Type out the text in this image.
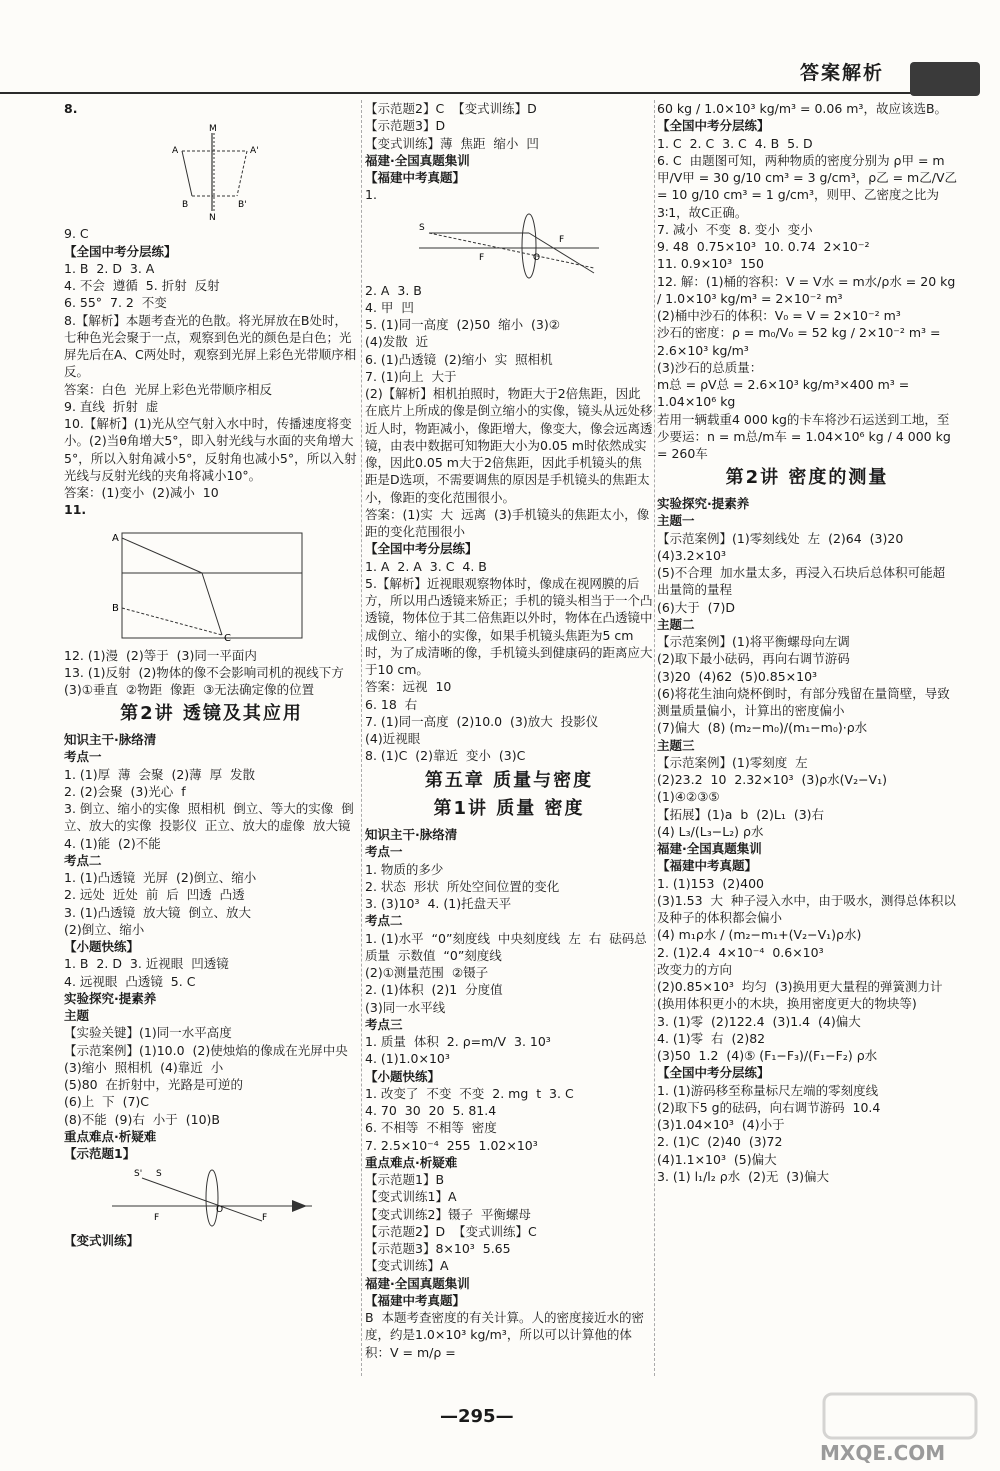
答案解析
8.
M
A	A'
B	B'
N
9. C
【全国中考分层练】
1. B  2. D  3. A
4. 不会  遵循  5. 折射  反射
6. 55°  7. 2  不变
8.【解析】本题考查光的色散。将光屏放在B处时，七种色光会聚于一点，观察到色光的颜色是白色；光屏先后在A、C两处时，观察到光屏上彩色光带顺序相反。
答案：白色  光屏上彩色光带顺序相反
9. 直线  折射  虚
10.【解析】(1)光从空气射入水中时，传播速度将变小。(2)当θ角增大5°，即入射光线与水面的夹角增大5°，所以入射角减小5°，反射角也减小5°，所以入射光线与反射光线的夹角将减小10°。
答案：(1)变小  (2)减小  10
11.
A
B
C
12. (1)漫  (2)等于  (3)同一平面内
13. (1)反射  (2)物体的像不会影响司机的视线下方  (3)①垂直  ②物距  像距  ③无法确定像的位置
第2讲 透镜及其应用
知识主干·脉络清
考点一
1. (1)厚  薄  会聚  (2)薄  厚  发散
2. (2)会聚  (3)光心  f
3. 倒立、缩小的实像  照相机  倒立、等大的实像  倒立、放大的实像  投影仪  正立、放大的虚像  放大镜
4. (1)能  (2)不能
考点二
1. (1)凸透镜  光屏  (2)倒立、缩小
2. 远处  近处  前  后  凹透  凸透
3. (1)凸透镜  放大镜  倒立、放大
(2)倒立、缩小
【小题快练】
1. B  2. D  3. 近视眼  凹透镜
4. 远视眼  凸透镜  5. C
实验探究·提素养
主题
【实验关键】(1)同一水平高度
【示范案例】(1)10.0  (2)使烛焰的像成在光屏中央
(3)缩小  照相机  (4)靠近  小
(5)80  在折射中，光路是可逆的
(6)上  下  (7)C
(8)不能  (9)右  小于  (10)B
重点难点·析疑难
【示范题1】
S' S
F
O
F
【变式训练】
【示范题2】C  【变式训练】D
【示范题3】D
【变式训练】薄  焦距  缩小  凹
福建·全国真题集训
【福建中考真题】
1.
S
F
F
O
2. A  3. B
4. 甲  凹
5. (1)同一高度  (2)50  缩小  (3)②
(4)发散  近
6. (1)凸透镜  (2)缩小  实  照相机
7. (1)向上  大于
(2)【解析】相机拍照时，物距大于2倍焦距，因此在底片上所成的像是倒立缩小的实像，镜头从远处移近人时，物距减小，像距增大，像变大，像会远离透镜，由表中数据可知物距大小为0.05 m时依然成实像，因此0.05 m大于2倍焦距，因此手机镜头的焦距是D选项，不需要调焦的原因是手机镜头的焦距太小，像距的变化范围很小。
答案：(1)实  大  远离  (3)手机镜头的焦距太小，像距的变化范围很小
【全国中考分层练】
1. A  2. A  3. C  4. B
5.【解析】近视眼观察物体时，像成在视网膜的后方，所以用凸透镜来矫正；手机的镜头相当于一个凸透镜，物体位于其二倍焦距以外时，物体在凸透镜中成倒立、缩小的实像，如果手机镜头焦距为5 cm时，为了成清晰的像，手机镜头到健康码的距离应大于10 cm。
答案：远视  10
6. 18  右
7. (1)同一高度  (2)10.0  (3)放大  投影仪
(4)近视眼
8. (1)C  (2)靠近  变小  (3)C
第五章 质量与密度
第1讲 质量 密度
知识主干·脉络清
考点一
1. 物质的多少
2. 状态  形状  所处空间位置的变化
3. (3)10³  4. (1)托盘天平
考点二
1. (1)水平  “0”刻度线  中央刻度线  左  右  砝码总质量  示数值  “0”刻度线
(2)①测量范围  ②镊子
2. (1)体积  (2)1  分度值
(3)同一水平线
考点三
1. 质量  体积  2. ρ=m/V  3. 10³
4. (1)1.0×10³
【小题快练】
1. 改变了  不变  不变  2. mg  t  3. C
4. 70  30  20  5. 81.4
6. 不相等  不相等  密度
7. 2.5×10⁻⁴  255  1.02×10³
重点难点·析疑难
【示范题1】B
【变式训练1】A
【变式训练2】镊子  平衡螺母
【示范题2】D  【变式训练】C
【示范题3】8×10³  5.65
【变式训练】A
福建·全国真题集训
【福建中考真题】
B  本题考查密度的有关计算。人的密度接近水的密度，约是1.0×10³ kg/m³，所以可以计算他的体积：V = m/ρ =
60 kg / 1.0×10³ kg/m³ = 0.06 m³，故应该选B。
【全国中考分层练】
1. C  2. C  3. C  4. B  5. D
6. C  由题图可知，两种物质的密度分别为 ρ甲 = m甲/V甲 = 30 g/10 cm³ = 3 g/cm³，ρ乙 = m乙/V乙 = 10 g/10 cm³ = 1 g/cm³，则甲、乙密度之比为3∶1，故C正确。
7. 减小  不变  8. 变小  变小
9. 48  0.75×10³  10. 0.74  2×10⁻²
11. 0.9×10³  150
12. 解：(1)桶的容积：V = V水 = m水/ρ水 = 20 kg / 1.0×10³ kg/m³ = 2×10⁻² m³
(2)桶中沙石的体积：V₀ = V = 2×10⁻² m³
沙石的密度：ρ = m₀/V₀ = 52 kg / 2×10⁻² m³ = 2.6×10³ kg/m³
(3)沙石的总质量：
m总 = ρV总 = 2.6×10³ kg/m³×400 m³ = 1.04×10⁶ kg
若用一辆载重4 000 kg的卡车将沙石运送到工地，至少要运：n = m总/m车 = 1.04×10⁶ kg / 4 000 kg = 260车
第2讲 密度的测量
实验探究·提素养
主题一
【示范案例】(1)零刻线处  左  (2)64  (3)20
(4)3.2×10³
(5)不合理  加水量太多，再浸入石块后总体积可能超出量筒的量程
(6)大于  (7)D
主题二
【示范案例】(1)将平衡螺母向左调
(2)取下最小砝码，再向右调节游码
(3)20  (4)62  (5)0.85×10³
(6)将花生油向烧杯倒时，有部分残留在量筒壁，导致测量质量偏小，计算出的密度偏小
(7)偏大  (8) (m₂−m₀)/(m₁−m₀)·ρ水
主题三
【示范案例】(1)零刻度  左
(2)23.2  10  2.32×10³  (3)ρ水(V₂−V₁)
(1)④②③⑤
【拓展】(1)a  b  (2)L₁  (3)右
(4) L₃/(L₃−L₂) ρ水
福建·全国真题集训
【福建中考真题】
1. (1)153  (2)400
(3)1.53  大  种子浸入水中，由于吸水，测得总体积以及种子的体积都会偏小
(4) m₁ρ水 / (m₂−m₁+(V₂−V₁)ρ水)
2. (1)2.4  4×10⁻⁴  0.6×10³
改变力的方向
(2)0.85×10³  均匀  (3)换用更大量程的弹簧测力计(换用体积更小的木块，换用密度更大的物块等)
3. (1)零  (2)122.4  (3)1.4  (4)偏大
4. (1)零  右  (2)82
(3)50  1.2  (4)⑤ (F₁−F₃)/(F₁−F₂) ρ水
【全国中考分层练】
1. (1)游码移至称量标尺左端的零刻度线
(2)取下5 g的砝码，向右调节游码  10.4
(3)1.04×10³  (4)小于
2. (1)C  (2)40  (3)72
(4)1.1×10³  (5)偏大
3. (1) l₁/l₂ ρ水  (2)无  (3)偏大
—295—
MXQE.COM
